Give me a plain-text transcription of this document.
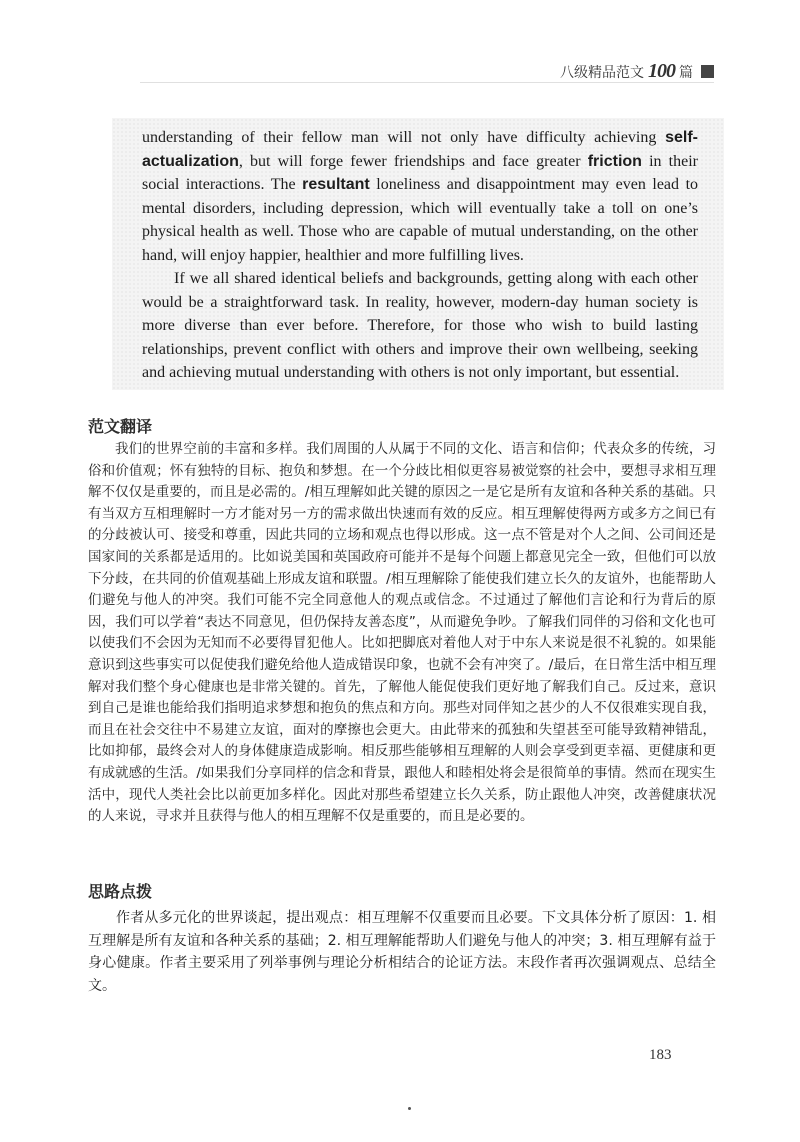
八级精品范文 100 篇

understanding of their fellow man will not only have difficulty achieving self-actualization, but will forge fewer friendships and face greater friction in their social interactions. The resultant loneliness and disappointment may even lead to mental disorders, including depression, which will eventually take a toll on one’s physical health as well. Those who are capable of mutual understanding, on the other hand, will enjoy happier, healthier and more fulfilling lives.

If we all shared identical beliefs and backgrounds, getting along with each other would be a straightforward task. In reality, however, modern-day human society is more diverse than ever before. Therefore, for those who wish to build lasting relationships, prevent conflict with others and improve their own wellbeing, seeking and achieving mutual understanding with others is not only important, but essential.

范文翻译
我们的世界空前的丰富和多样。我们周围的人从属于不同的文化、语言和信仰；代表众多的传统，习俗和价值观；怀有独特的目标、抱负和梦想。在一个分歧比相似更容易被觉察的社会中，要想寻求相互理解不仅仅是重要的，而且是必需的。/相互理解如此关键的原因之一是它是所有友谊和各种关系的基础。只有当双方互相理解时一方才能对另一方的需求做出快速而有效的反应。相互理解使得两方或多方之间已有的分歧被认可、接受和尊重，因此共同的立场和观点也得以形成。这一点不管是对个人之间、公司间还是国家间的关系都是适用的。比如说美国和英国政府可能并不是每个问题上都意见完全一致，但他们可以放下分歧，在共同的价值观基础上形成友谊和联盟。/相互理解除了能使我们建立长久的友谊外，也能帮助人们避免与他人的冲突。我们可能不完全同意他人的观点或信念。不过通过了解他们言论和行为背后的原因，我们可以学着“表达不同意见，但仍保持友善态度”，从而避免争吵。了解我们同伴的习俗和文化也可以使我们不会因为无知而不必要得冒犯他人。比如把脚底对着他人对于中东人来说是很不礼貌的。如果能意识到这些事实可以促使我们避免给他人造成错误印象，也就不会有冲突了。/最后，在日常生活中相互理解对我们整个身心健康也是非常关键的。首先，了解他人能促使我们更好地了解我们自己。反过来，意识到自己是谁也能给我们指明追求梦想和抱负的焦点和方向。那些对同伴知之甚少的人不仅很难实现自我，而且在社会交往中不易建立友谊，面对的摩擦也会更大。由此带来的孤独和失望甚至可能导致精神错乱，比如抑郁，最终会对人的身体健康造成影响。相反那些能够相互理解的人则会享受到更幸福、更健康和更有成就感的生活。/如果我们分享同样的信念和背景，跟他人和睦相处将会是很简单的事情。然而在现实生活中，现代人类社会比以前更加多样化。因此对那些希望建立长久关系，防止跟他人冲突，改善健康状况的人来说，寻求并且获得与他人的相互理解不仅是重要的，而且是必要的。
思路点拨
作者从多元化的世界谈起，提出观点：相互理解不仅重要而且必要。下文具体分析了原因：1. 相互理解是所有友谊和各种关系的基础；2. 相互理解能帮助人们避免与他人的冲突；3. 相互理解有益于身心健康。作者主要采用了列举事例与理论分析相结合的论证方法。末段作者再次强调观点、总结全文。
183
